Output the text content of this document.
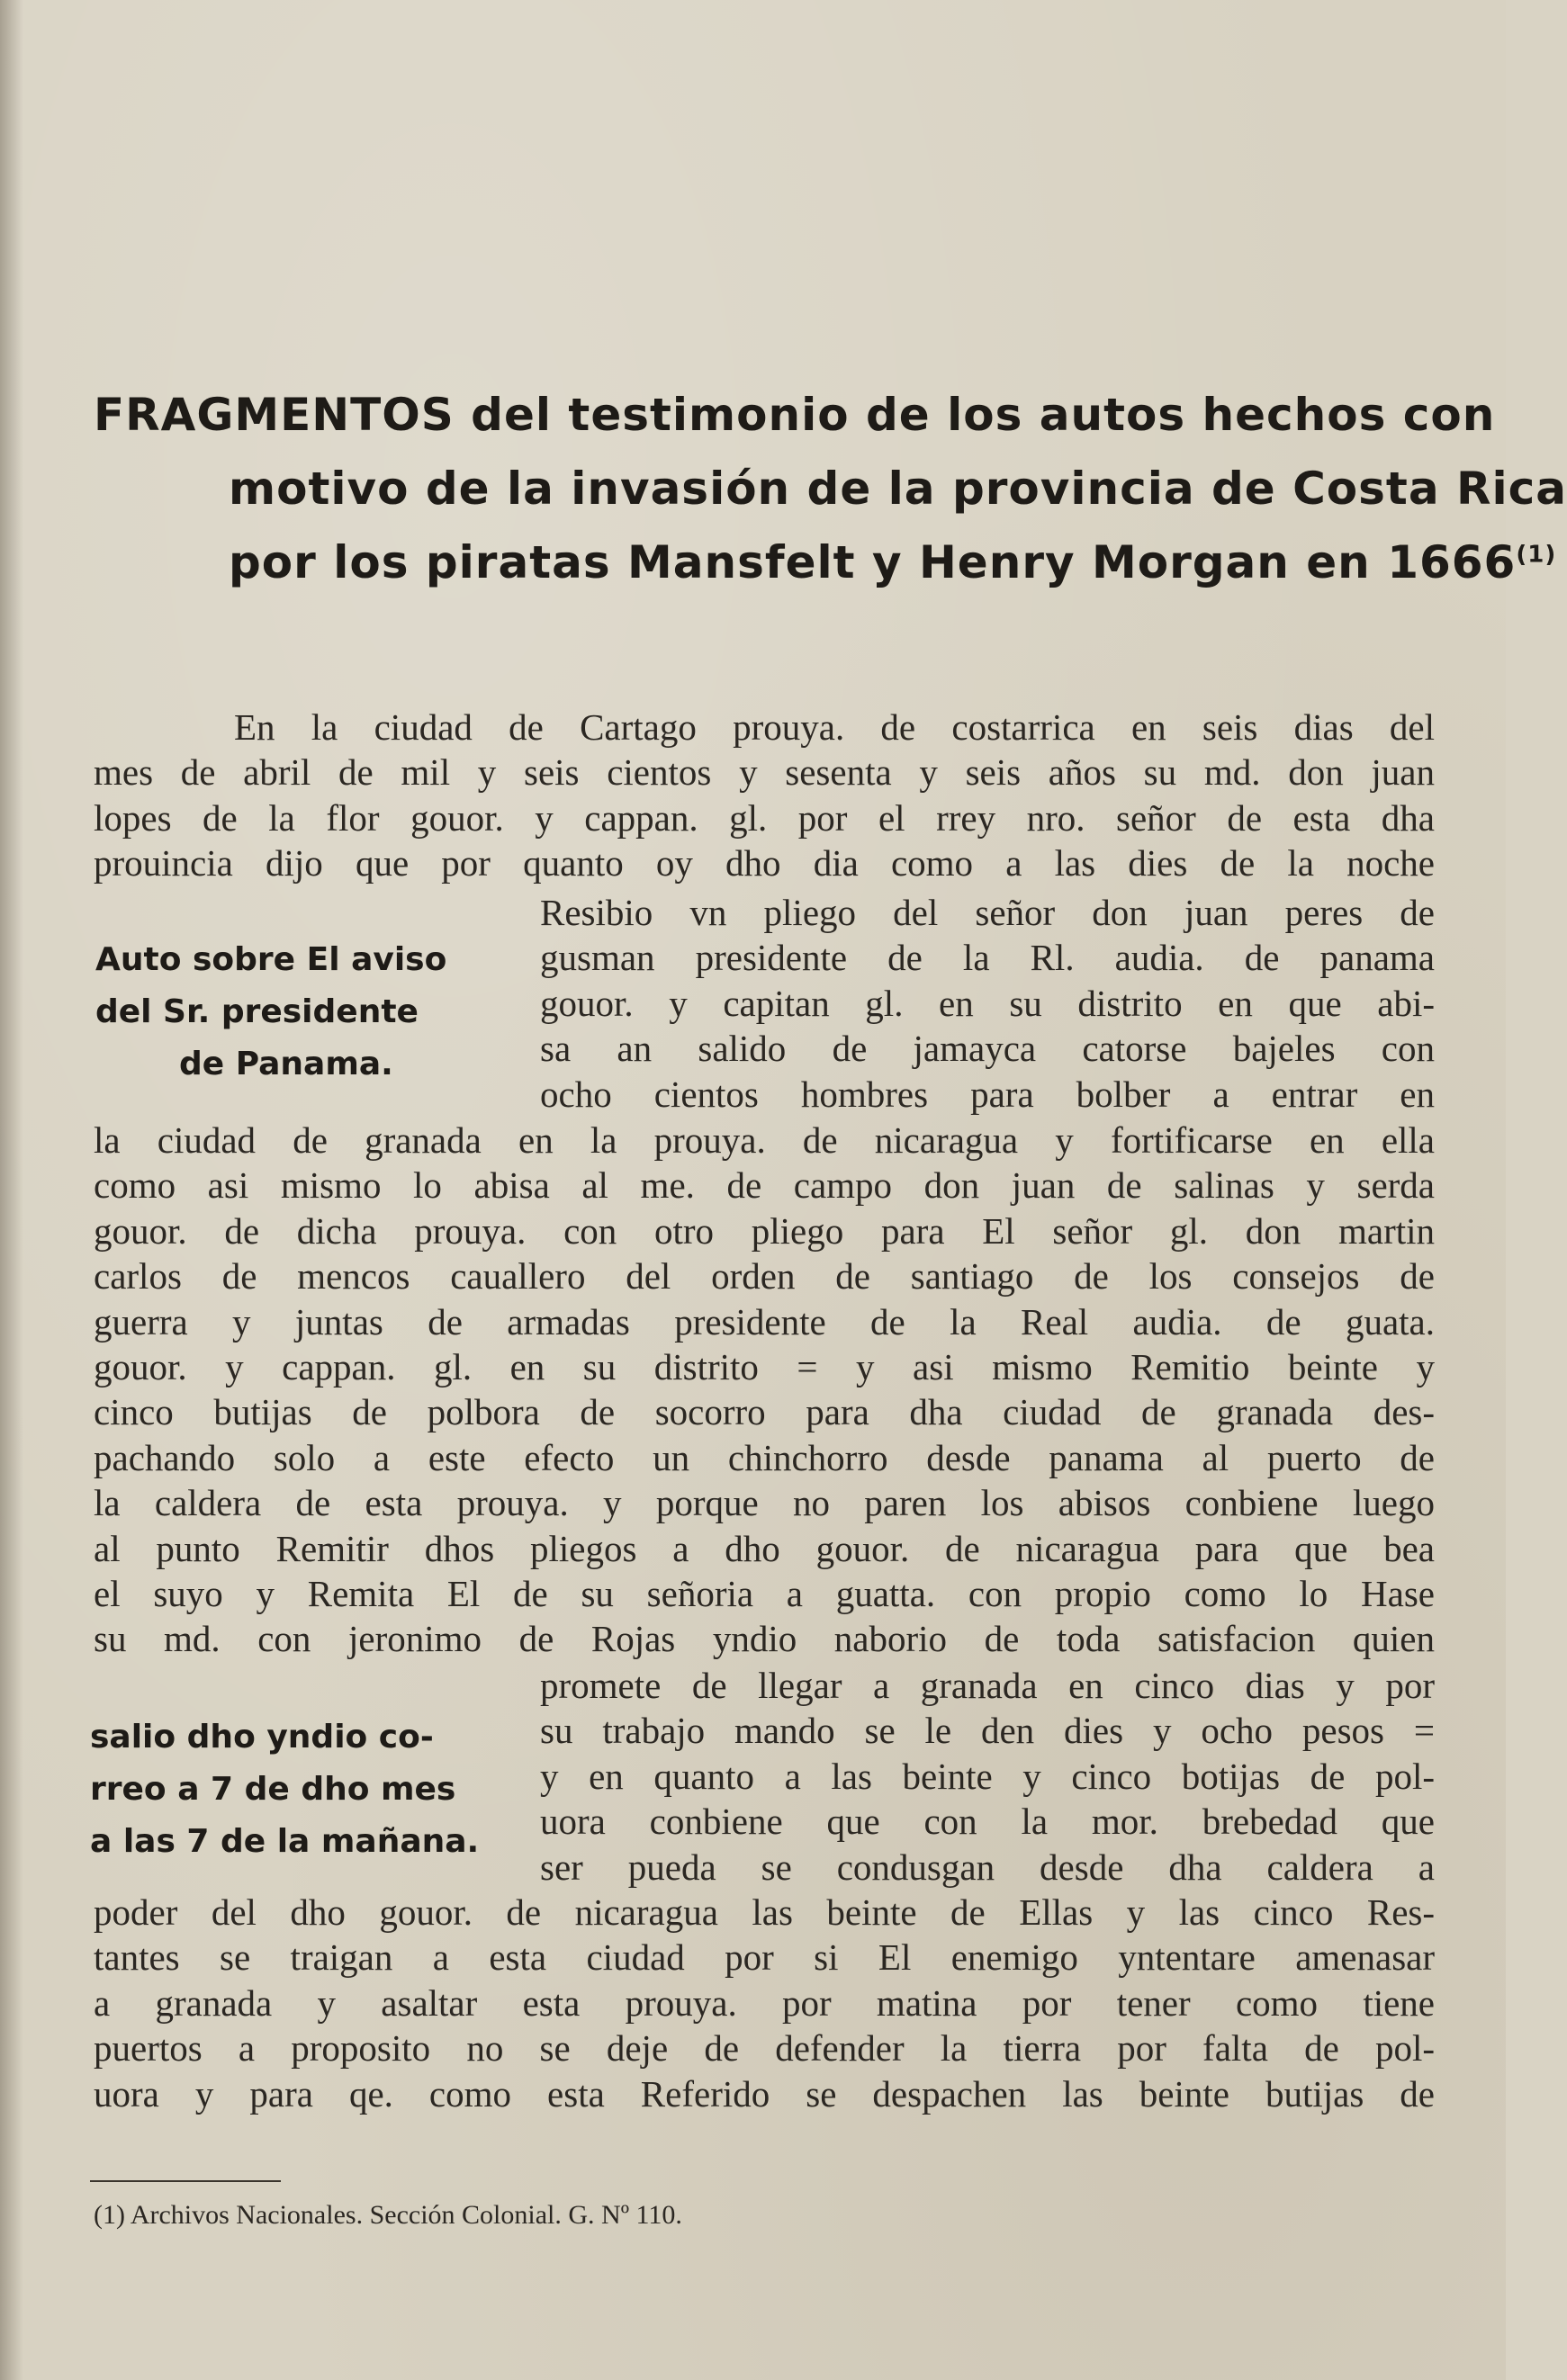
FRAGMENTOS del testimonio de los autos hechos con
motivo de la invasión de la provincia de Costa Rica
por los piratas Mansfelt y Henry Morgan en 1666$^{(1)}$
En la ciudad de Cartago prouya. de costarrica en seis dias del
mes de abril de mil y seis cientos y sesenta y seis años su md. don juan
lopes de la flor gouor. y cappan. gl. por el rrey nro. señor de esta dha
prouincia dijo que por quanto oy dho dia como a las dies de la noche
Auto sobre El aviso
del Sr. presidente
de Panama.
Resibio vn pliego del señor don juan peres de
gusman presidente de la Rl. audia. de panama
gouor. y capitan gl. en su distrito en que abi-
sa an salido de jamayca catorse bajeles con
ocho cientos hombres para bolber a entrar en
la ciudad de granada en la prouya. de nicaragua y fortificarse en ella
como asi mismo lo abisa al me. de campo don juan de salinas y serda
gouor. de dicha prouya. con otro pliego para El señor gl. don martin
carlos de mencos cauallero del orden de santiago de los consejos de
guerra y juntas de armadas presidente de la Real audia. de guata.
gouor. y cappan. gl. en su distrito = y asi mismo Remitio beinte y
cinco butijas de polbora de socorro para dha ciudad de granada des-
pachando solo a este efecto un chinchorro desde panama al puerto de
la caldera de esta prouya. y porque no paren los abisos conbiene luego
al punto Remitir dhos pliegos a dho gouor. de nicaragua para que bea
el suyo y Remita El de su señoria a guatta. con propio como lo Hase
su md. con jeronimo de Rojas yndio naborio de toda satisfacion quien
salio dho yndio co-
rreo a 7 de dho mes
a las 7 de la mañana.
promete de llegar a granada en cinco dias y por
su trabajo mando se le den dies y ocho pesos =
y en quanto a las beinte y cinco botijas de pol-
uora conbiene que con la mor. brebedad que
ser pueda se condusgan desde dha caldera a
poder del dho gouor. de nicaragua las beinte de Ellas y las cinco Res-
tantes se traigan a esta ciudad por si El enemigo yntentare amenasar
a granada y asaltar esta prouya. por matina por tener como tiene
puertos a proposito no se deje de defender la tierra por falta de pol-
uora y para qe. como esta Referido se despachen las beinte butijas de
(1) Archivos Nacionales. Sección Colonial. G. Nº 110.
